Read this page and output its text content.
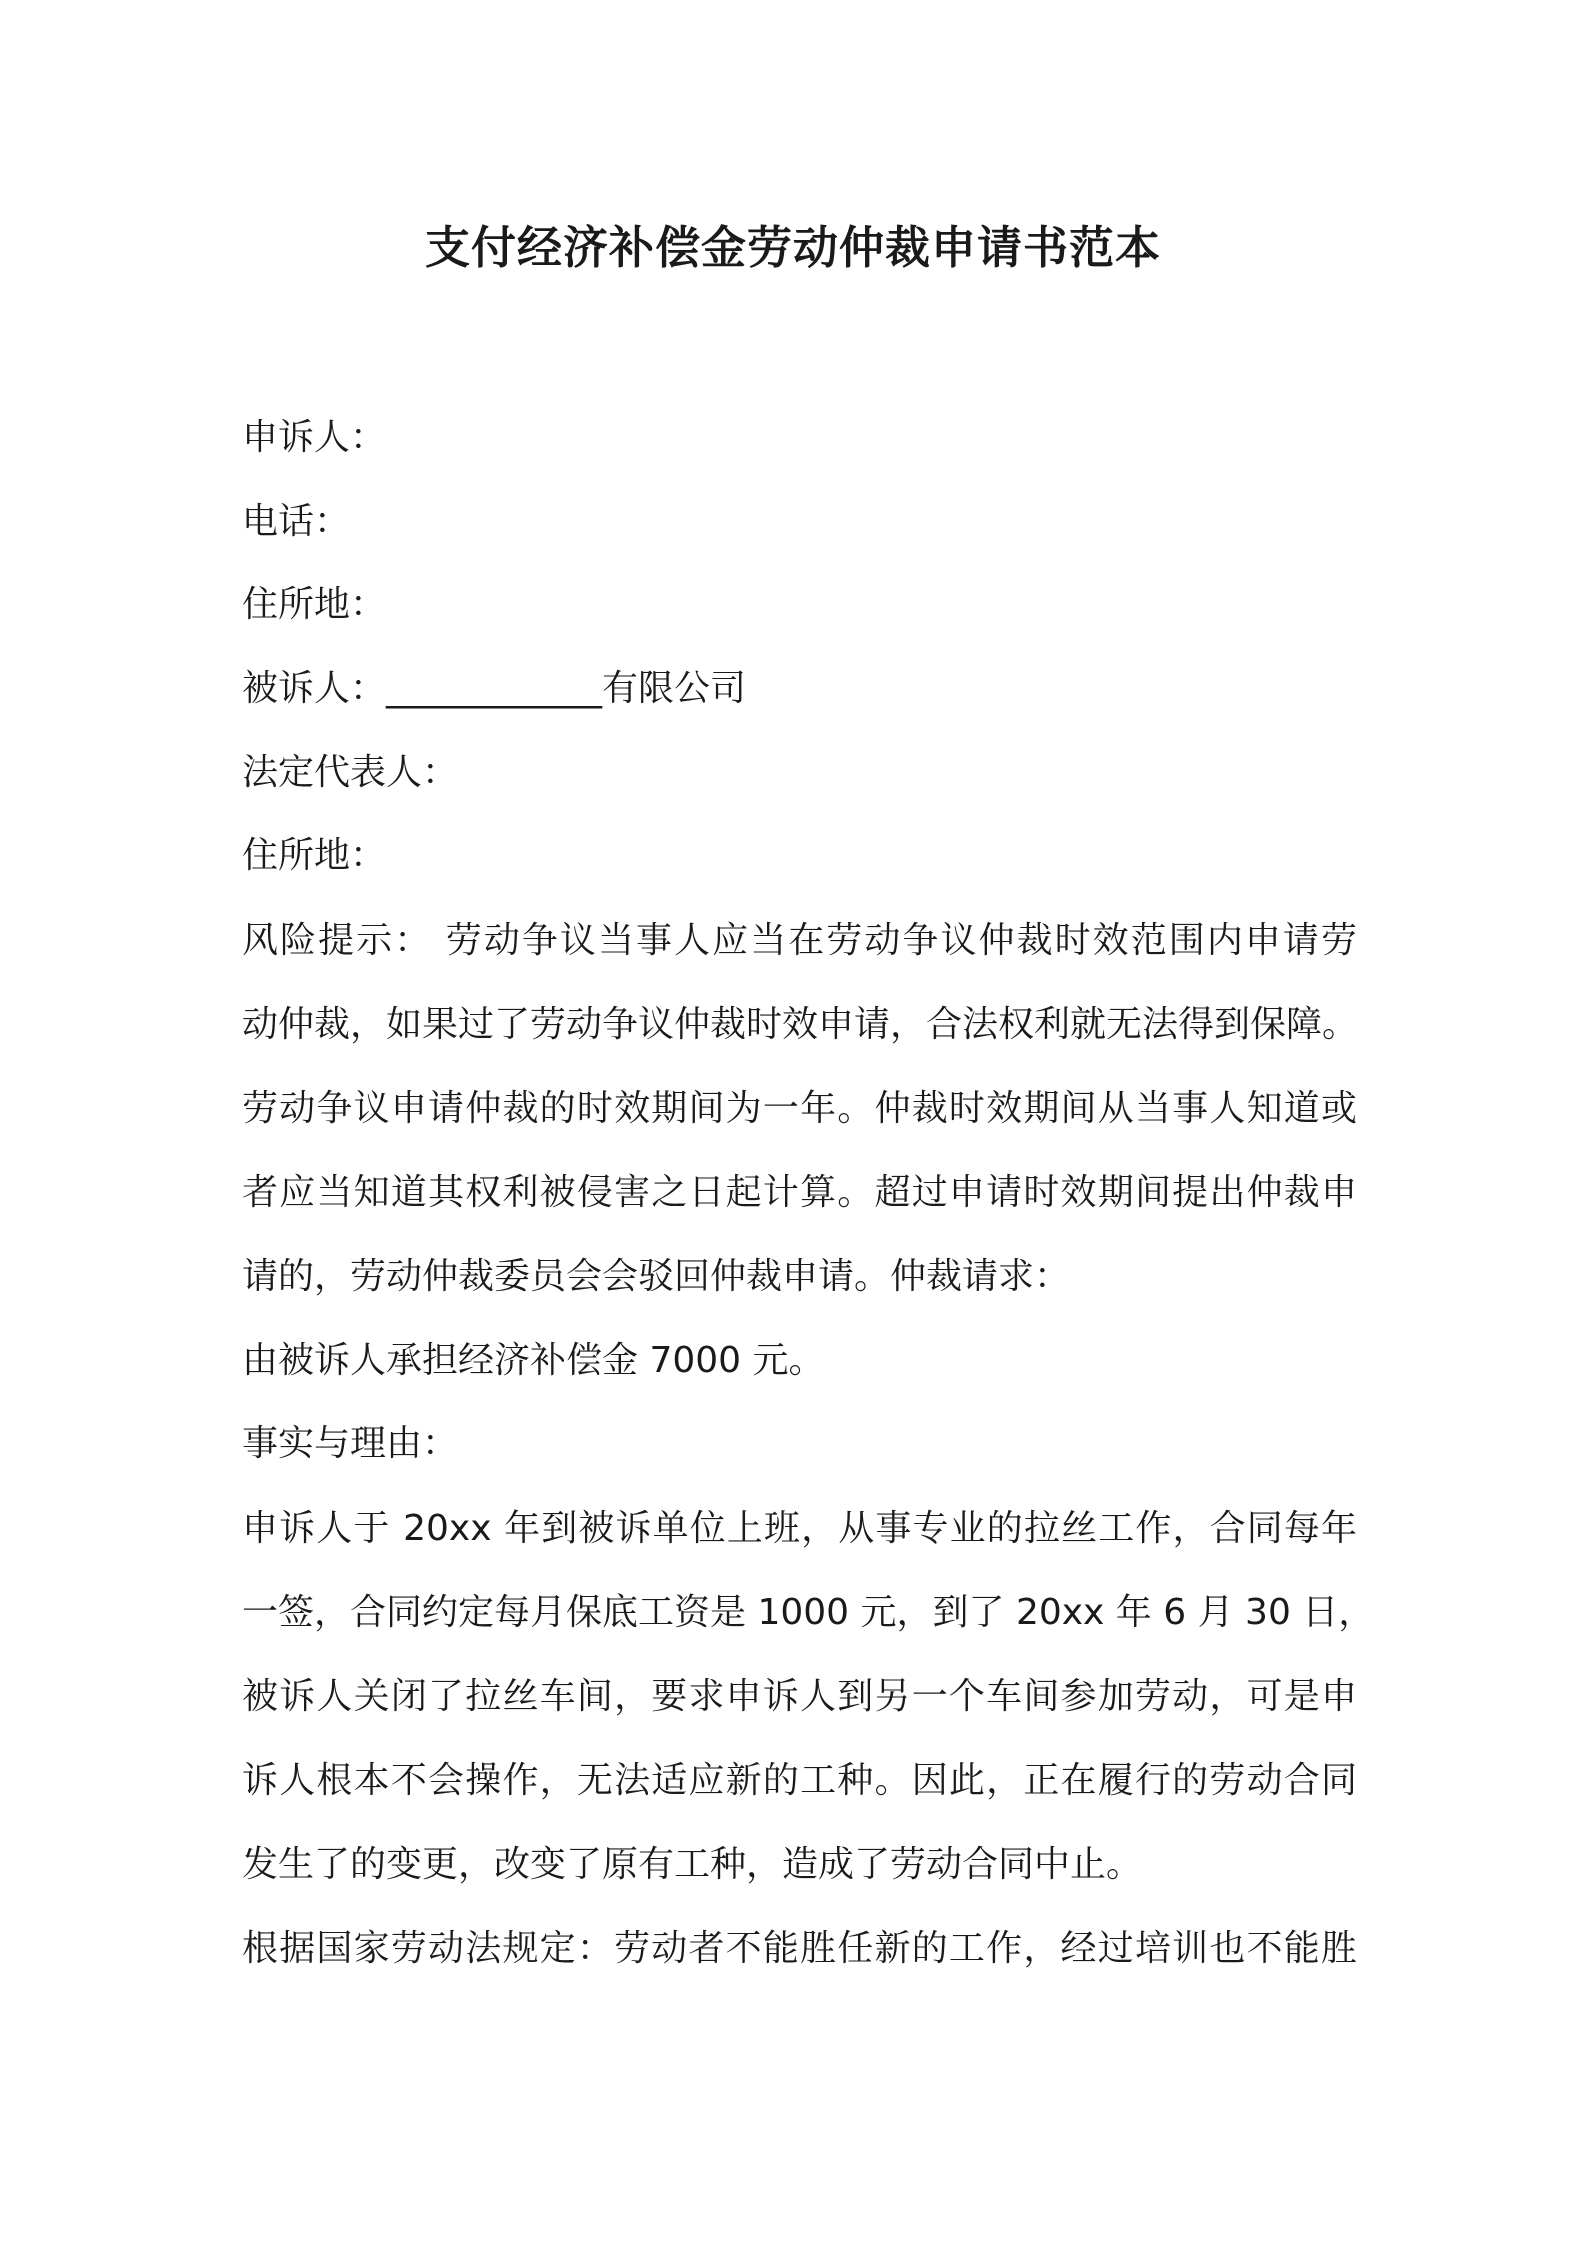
支付经济补偿金劳动仲裁申请书范本
申诉人：
电话：
住所地：
被诉人：____________有限公司
法定代表人：
住所地：
风险提示： 劳动争议当事人应当在劳动争议仲裁时效范围内申请劳
动仲裁，如果过了劳动争议仲裁时效申请，合法权利就无法得到保障。
劳动争议申请仲裁的时效期间为一年。仲裁时效期间从当事人知道或
者应当知道其权利被侵害之日起计算。超过申请时效期间提出仲裁申
请的，劳动仲裁委员会会驳回仲裁申请。仲裁请求：
由被诉人承担经济补偿金 7000 元。
事实与理由：
申诉人于 20xx 年到被诉单位上班，从事专业的拉丝工作，合同每年
一签，合同约定每月保底工资是 1000 元，到了 20xx 年 6 月 30 日，
被诉人关闭了拉丝车间，要求申诉人到另一个车间参加劳动，可是申
诉人根本不会操作，无法适应新的工种。因此，正在履行的劳动合同
发生了的变更，改变了原有工种，造成了劳动合同中止。
根据国家劳动法规定：劳动者不能胜任新的工作，经过培训也不能胜
